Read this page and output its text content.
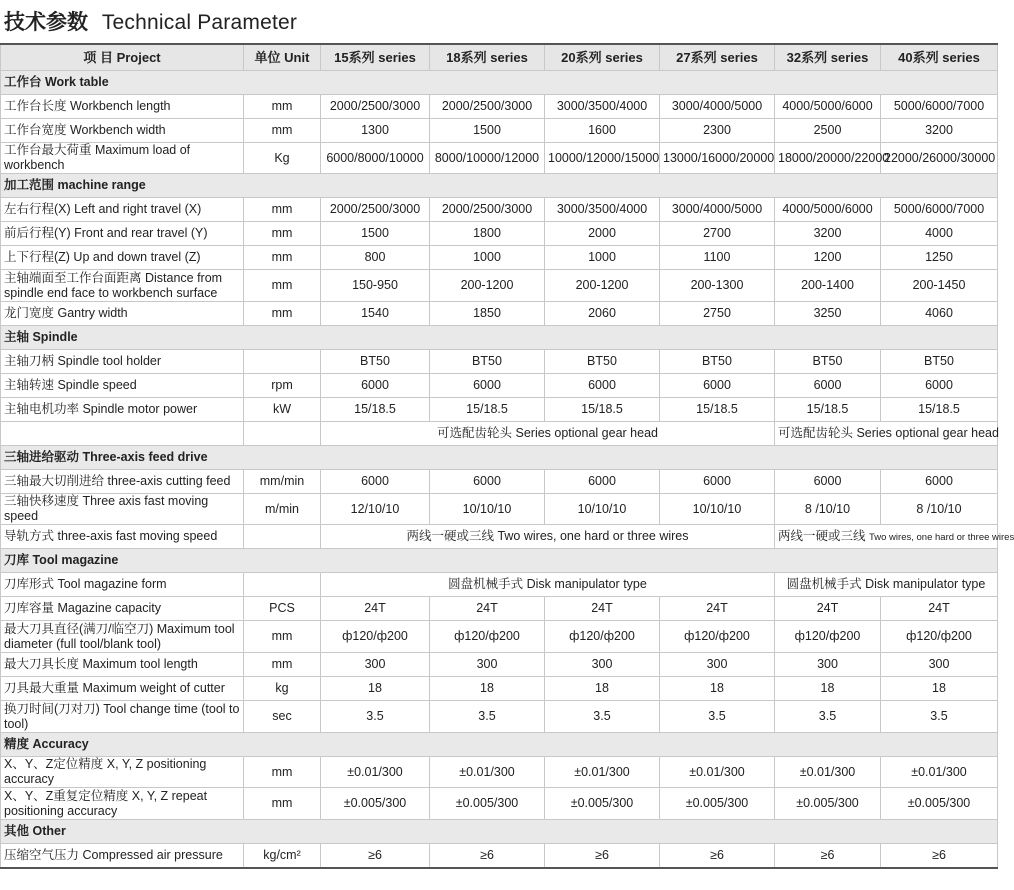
技术参数 Technical Parameter
项 目 Project	单位 Unit	15系列 series	18系列 series	20系列 series	27系列 series	32系列 series	40系列 series
工作台 Work table							
工作台长度 Workbench length	mm	2000/2500/3000	2000/2500/3000	3000/3500/4000	3000/4000/5000	4000/5000/6000	5000/6000/7000
工作台宽度 Workbench width	mm	1300	1500	1600	2300	2500	3200
工作台最大荷重 Maximum load of workbench	Kg	6000/8000/10000	8000/10000/12000	10000/12000/15000	13000/16000/20000	18000/20000/22000	22000/26000/30000
加工范围 machine range							
左右行程(X) Left and right travel (X)	mm	2000/2500/3000	2000/2500/3000	3000/3500/4000	3000/4000/5000	4000/5000/6000	5000/6000/7000
前后行程(Y) Front and rear travel (Y)	mm	1500	1800	2000	2700	3200	4000
上下行程(Z) Up and down travel (Z)	mm	800	1000	1000	1100	1200	1250
主轴端面至工作台面距离 Distance from spindle end face to workbench surface	mm	150-950	200-1200	200-1200	200-1300	200-1400	200-1450
龙门宽度 Gantry width	mm	1540	1850	2060	2750	3250	4060
主轴 Spindle							
主轴刀柄 Spindle tool holder		BT50	BT50	BT50	BT50	BT50	BT50
主轴转速 Spindle speed	rpm	6000	6000	6000	6000	6000	6000
主轴电机功率 Spindle motor power	kW	15/18.5	15/18.5	15/18.5	15/18.5	15/18.5	15/18.5
		可选配齿轮头 Series optional gear head				可选配齿轮头 Series optional gear head	
三轴进给驱动 Three-axis feed drive							
三轴最大切削进给 three-axis cutting feed	mm/min	6000	6000	6000	6000	6000	6000
三轴快移速度 Three axis fast moving speed	m/min	12/10/10	10/10/10	10/10/10	10/10/10	8 /10/10	8 /10/10
导轨方式 three-axis fast moving speed		两线一硬或三线 Two wires, one hard or three wires				两线一硬或三线 Two wires, one hard or three wires	
刀库 Tool magazine							
刀库形式 Tool magazine form		圆盘机械手式 Disk manipulator type				圆盘机械手式 Disk manipulator type	
刀库容量 Magazine capacity	PCS	24T	24T	24T	24T	24T	24T
最大刀具直径(满刀/临空刀) Maximum tool diameter (full tool/blank tool)	mm	ф120/ф200	ф120/ф200	ф120/ф200	ф120/ф200	ф120/ф200	ф120/ф200
最大刀具长度 Maximum tool length	mm	300	300	300	300	300	300
刀具最大重量 Maximum weight of cutter	kg	18	18	18	18	18	18
换刀时间(刀对刀) Tool change time (tool to tool)	sec	3.5	3.5	3.5	3.5	3.5	3.5
精度 Accuracy							
X、Y、Z定位精度 X, Y, Z positioning accuracy	mm	±0.01/300	±0.01/300	±0.01/300	±0.01/300	±0.01/300	±0.01/300
X、Y、Z重复定位精度 X, Y, Z repeat positioning accuracy	mm	±0.005/300	±0.005/300	±0.005/300	±0.005/300	±0.005/300	±0.005/300
其他 Other							
压缩空气压力 Compressed air pressure	kg/cm²	≥6	≥6	≥6	≥6	≥6	≥6
